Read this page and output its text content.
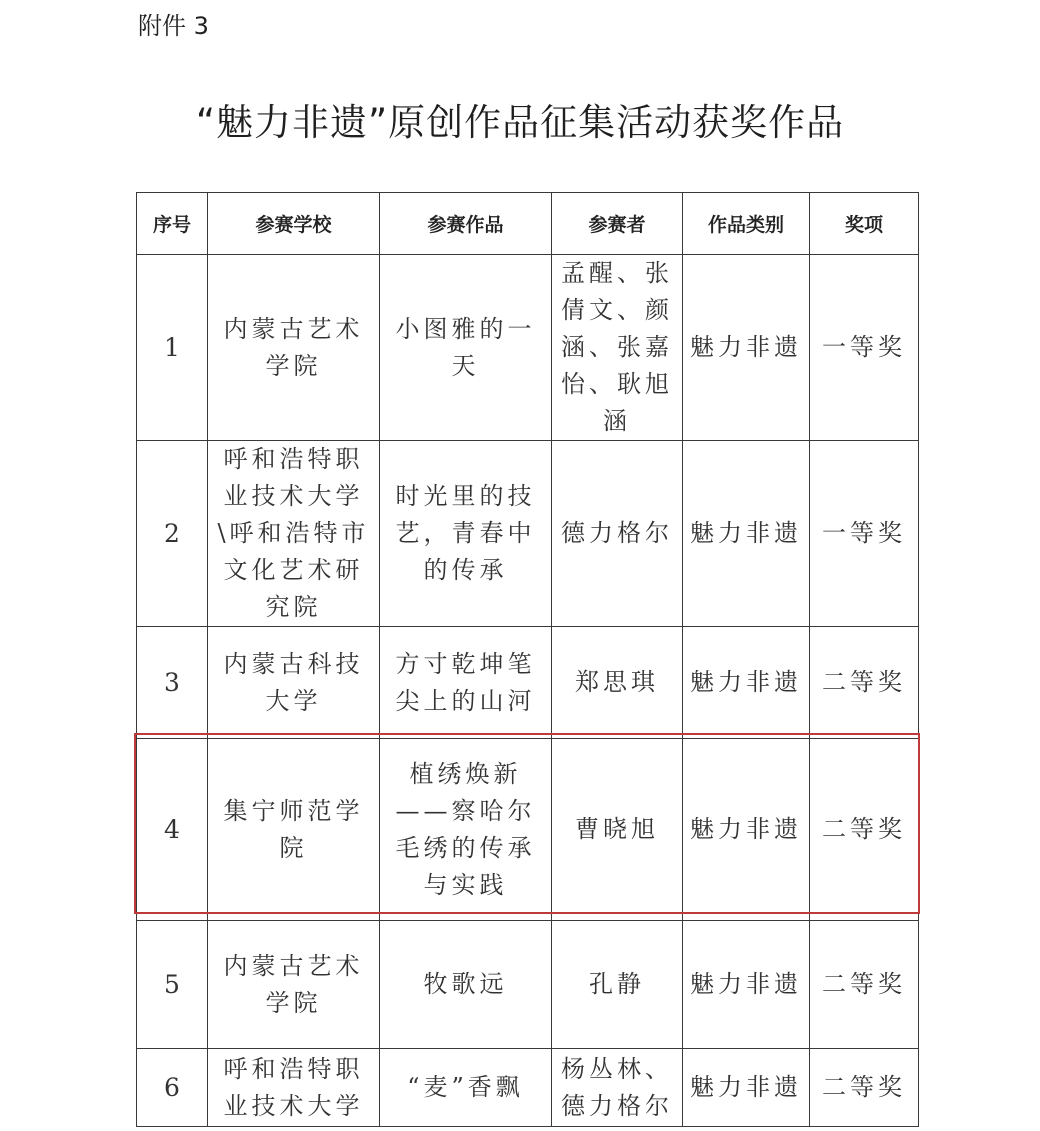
附件 3
“魅力非遗”原创作品征集活动获奖作品
序号	参赛学校	参赛作品	参赛者	作品类别	奖项
1	内蒙古艺术学院	小图雅的一天	孟醒、张倩文、颜涵、张嘉怡、耿旭涵	魅力非遗	一等奖
2	呼和浩特职业技术大学\呼和浩特市文化艺术研究院	时光里的技艺，青春中的传承	德力格尔	魅力非遗	一等奖
3	内蒙古科技大学	方寸乾坤笔尖上的山河	郑思琪	魅力非遗	二等奖
4	集宁师范学院	植绣焕新——察哈尔毛绣的传承与实践	曹晓旭	魅力非遗	二等奖
5	内蒙古艺术学院	牧歌远	孔静	魅力非遗	二等奖
6	呼和浩特职业技术大学	“麦”香飘	杨丛林、德力格尔	魅力非遗	二等奖
